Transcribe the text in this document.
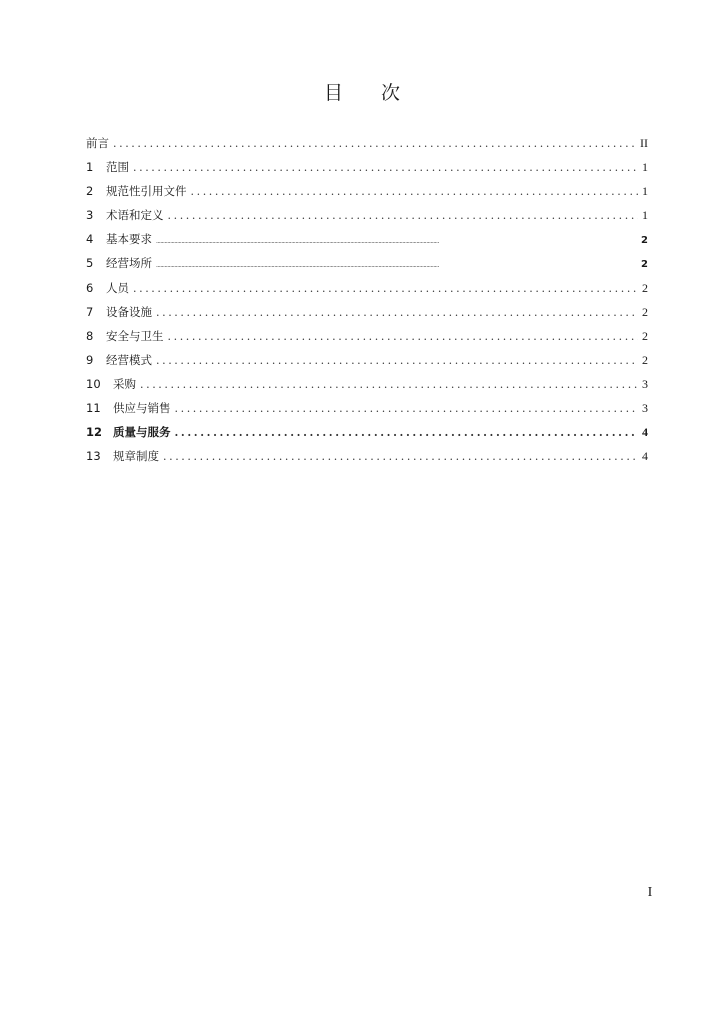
目 次
前言 .....	II
1	范围 .....	1
2	规范性引用文件 .....	1
3	术语和定义 .....	1
4	基本要求 .....	2
5	经营场所 .....	2
6	人员 .....	2
7	设备设施 .....	2
8	安全与卫生 .....	2
9	经营模式 .....	2
10	采购 .....	3
11	供应与销售 .....	3
12 质量与服务 .....	4
13	规章制度 .....	4
I
